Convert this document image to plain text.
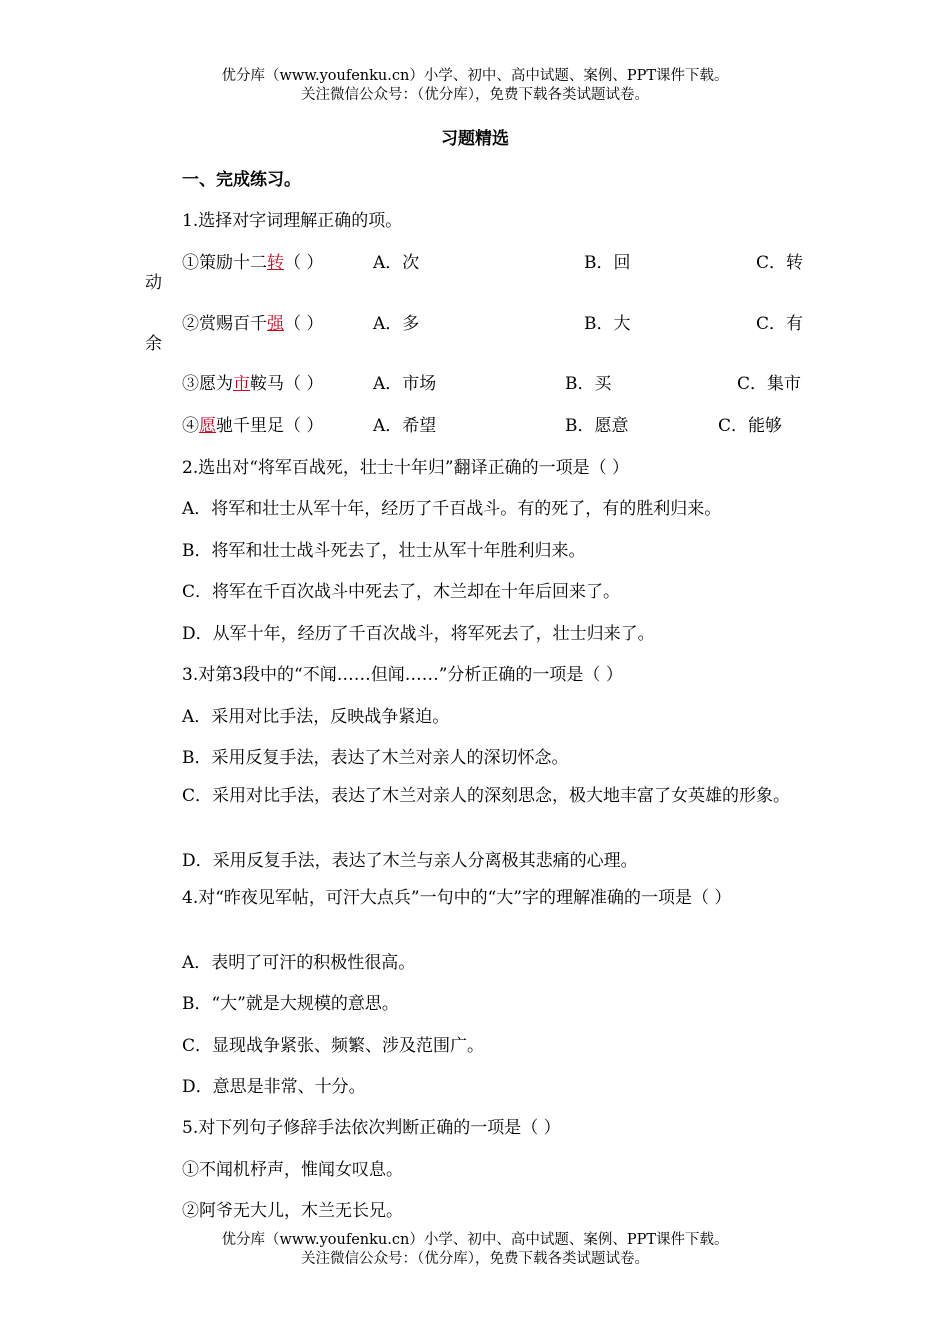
优分库（www.youfenku.cn）小学、初中、高中试题、案例、PPT课件下载。
关注微信公众号：（优分库），免费下载各类试题试卷。
习题精选
一、完成练习。
1.选择对字词理解正确的项。
①策励十二转（ ）	A．次	B．回	C．转
动
②赏赐百千强（ ）	A．多	B．大	C．有
余
③愿为市鞍马（ ）	A．市场	B．买	C．集市
④愿驰千里足（ ）	A．希望	B．愿意	C．能够
2.选出对“将军百战死，壮士十年归”翻译正确的一项是（ ）
A．将军和壮士从军十年，经历了千百战斗。有的死了，有的胜利归来。
B．将军和壮士战斗死去了，壮士从军十年胜利归来。
C．将军在千百次战斗中死去了，木兰却在十年后回来了。
D．从军十年，经历了千百次战斗，将军死去了，壮士归来了。
3.对第3段中的“不闻……但闻……”分析正确的一项是（ ）
A．采用对比手法，反映战争紧迫。
B．采用反复手法，表达了木兰对亲人的深切怀念。
C．采用对比手法，表达了木兰对亲人的深刻思念，极大地丰富了女英雄的形象。
D．采用反复手法，表达了木兰与亲人分离极其悲痛的心理。
4.对“昨夜见军帖，可汗大点兵”一句中的“大”字的理解准确的一项是（ ）
A．表明了可汗的积极性很高。
B．“大”就是大规模的意思。
C．显现战争紧张、频繁、涉及范围广。
D．意思是非常、十分。
5.对下列句子修辞手法依次判断正确的一项是（ ）
①不闻机杼声，惟闻女叹息。
②阿爷无大儿，木兰无长兄。
优分库（www.youfenku.cn）小学、初中、高中试题、案例、PPT课件下载。
关注微信公众号：（优分库），免费下载各类试题试卷。
